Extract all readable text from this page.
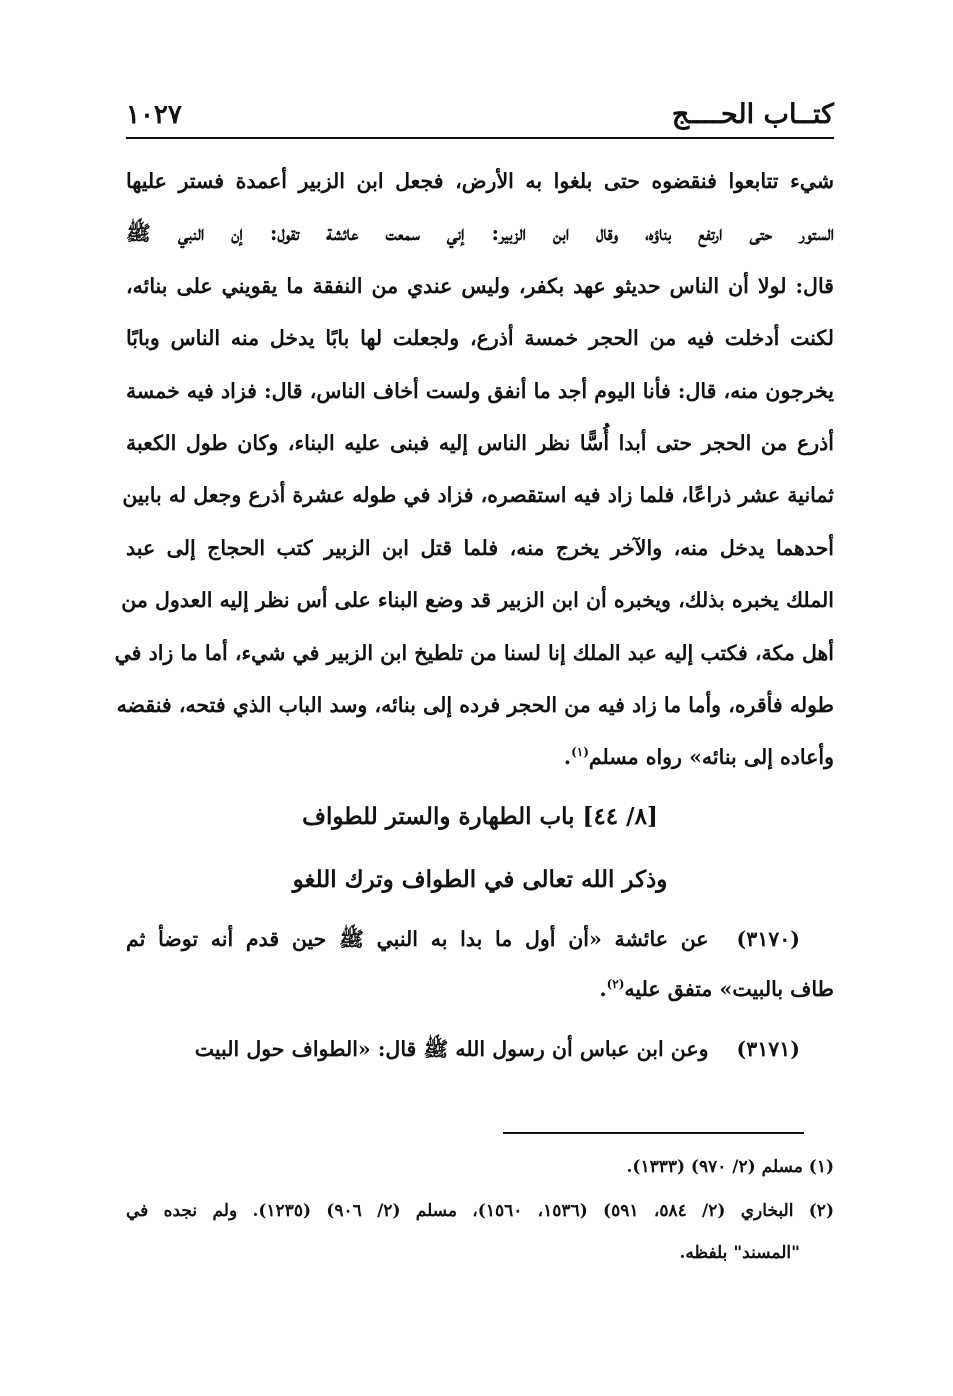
كتــاب الحــــج
١٠٢٧
شيء تتابعوا فنقضوه حتى بلغوا به الأرض، فجعل ابن الزبير أعمدة فستر عليها
الستور حتى ارتفع بناؤه، وقال ابن الزبير: إني سمعت عائشة تقول: إن النبي ﷺ
قال: لولا أن الناس حديثو عهد بكفر، وليس عندي من النفقة ما يقويني على بنائه،
لكنت أدخلت فيه من الحجر خمسة أذرع، ولجعلت لها بابًا يدخل منه الناس وبابًا
يخرجون منه، قال: فأنا اليوم أجد ما أنفق ولست أخاف الناس، قال: فزاد فيه خمسة
أذرع من الحجر حتى أبدا أُسًّا نظر الناس إليه فبنى عليه البناء، وكان طول الكعبة
ثمانية عشر ذراعًا، فلما زاد فيه استقصره، فزاد في طوله عشرة أذرع وجعل له بابين
أحدهما يدخل منه، والآخر يخرج منه، فلما قتل ابن الزبير كتب الحجاج إلى عبد
الملك يخبره بذلك، ويخبره أن ابن الزبير قد وضع البناء على أس نظر إليه العدول من
أهل مكة، فكتب إليه عبد الملك إنا لسنا من تلطيخ ابن الزبير في شيء، أما ما زاد في
طوله فأقره، وأما ما زاد فيه من الحجر فرده إلى بنائه، وسد الباب الذي فتحه، فنقضه
وأعاده إلى بنائه» رواه مسلم$^{(١)}$.
[٨/ ٤٤] باب الطهارة والستر للطواف
وذكر الله تعالى في الطواف وترك اللغو
(٣١٧٠)عن عائشة «أن أول ما بدا به النبي ﷺ حين قدم أنه توضأ ثم
طاف بالبيت» متفق عليه$^{(٢)}$.
(٣١٧١)وعن ابن عباس أن رسول الله ﷺ قال: «الطواف حول البيت
(١) مسلم (٢/ ٩٧٠) (١٣٣٣).
(٢) البخاري (٢/ ٥٨٤، ٥٩١) (١٥٣٦، ١٥٦٠)، مسلم (٢/ ٩٠٦) (١٢٣٥). ولم نجده في
"المسند" بلفظه.
